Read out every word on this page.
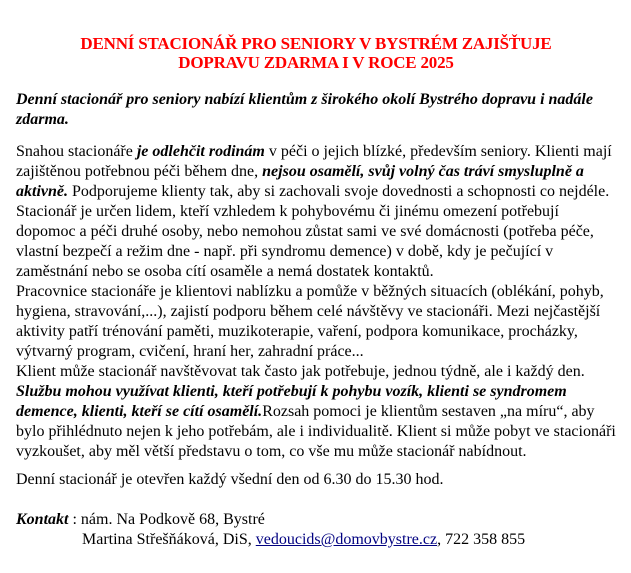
DENNÍ STACIONÁŘ PRO SENIORY V BYSTRÉM ZAJIŠŤUJE
DOPRAVU ZDARMA I V ROCE 2025
Denní stacionář pro seniory nabízí klientům z širokého okolí Bystrého dopravu i nadále zdarma.

Snahou stacionáře je odlehčit rodinám v péči o jejich blízké, především seniory. Klienti mají zajištěnou potřebnou péči během dne, nejsou osamělí, svůj volný čas tráví smysluplně a aktivně. Podporujeme klienty tak, aby si zachovali svoje dovednosti a schopnosti co nejdéle.

Stacionář je určen lidem, kteří vzhledem k pohybovému či jinému omezení potřebují dopomoc a péči druhé osoby, nebo nemohou zůstat sami ve své domácnosti (potřeba péče, vlastní bezpečí a režim dne - např. při syndromu demence) v době, kdy je pečující v zaměstnání nebo se osoba cítí osaměle a nemá dostatek kontaktů.

Pracovnice stacionáře je klientovi nablízku a pomůže v běžných situacích (oblékání, pohyb, hygiena, stravování,...), zajistí podporu během celé návštěvy ve stacionáři. Mezi nejčastější aktivity patří trénování paměti, muzikoterapie, vaření, podpora komunikace, procházky, výtvarný program, cvičení, hraní her, zahradní práce...

Klient může stacionář navštěvovat tak často jak potřebuje, jednou týdně, ale i každý den. Službu mohou využívat klienti, kteří potřebují k pohybu vozík, klienti se syndromem demence, klienti, kteří se cítí osamělí.Rozsah pomoci je klientům sestaven „na míru“, aby bylo přihlédnuto nejen k jeho potřebám, ale i individualitě. Klient si může pobyt ve stacionáři vyzkoušet, aby měl větší představu o tom, co vše mu může stacionář nabídnout.

Denní stacionář je otevřen každý všední den od 6.30 do 15.30 hod.
Kontakt : nám. Na Podkově 68, Bystré
Martina Střešňáková, DiS, vedoucids@domovbystre.cz, 722 358 855
